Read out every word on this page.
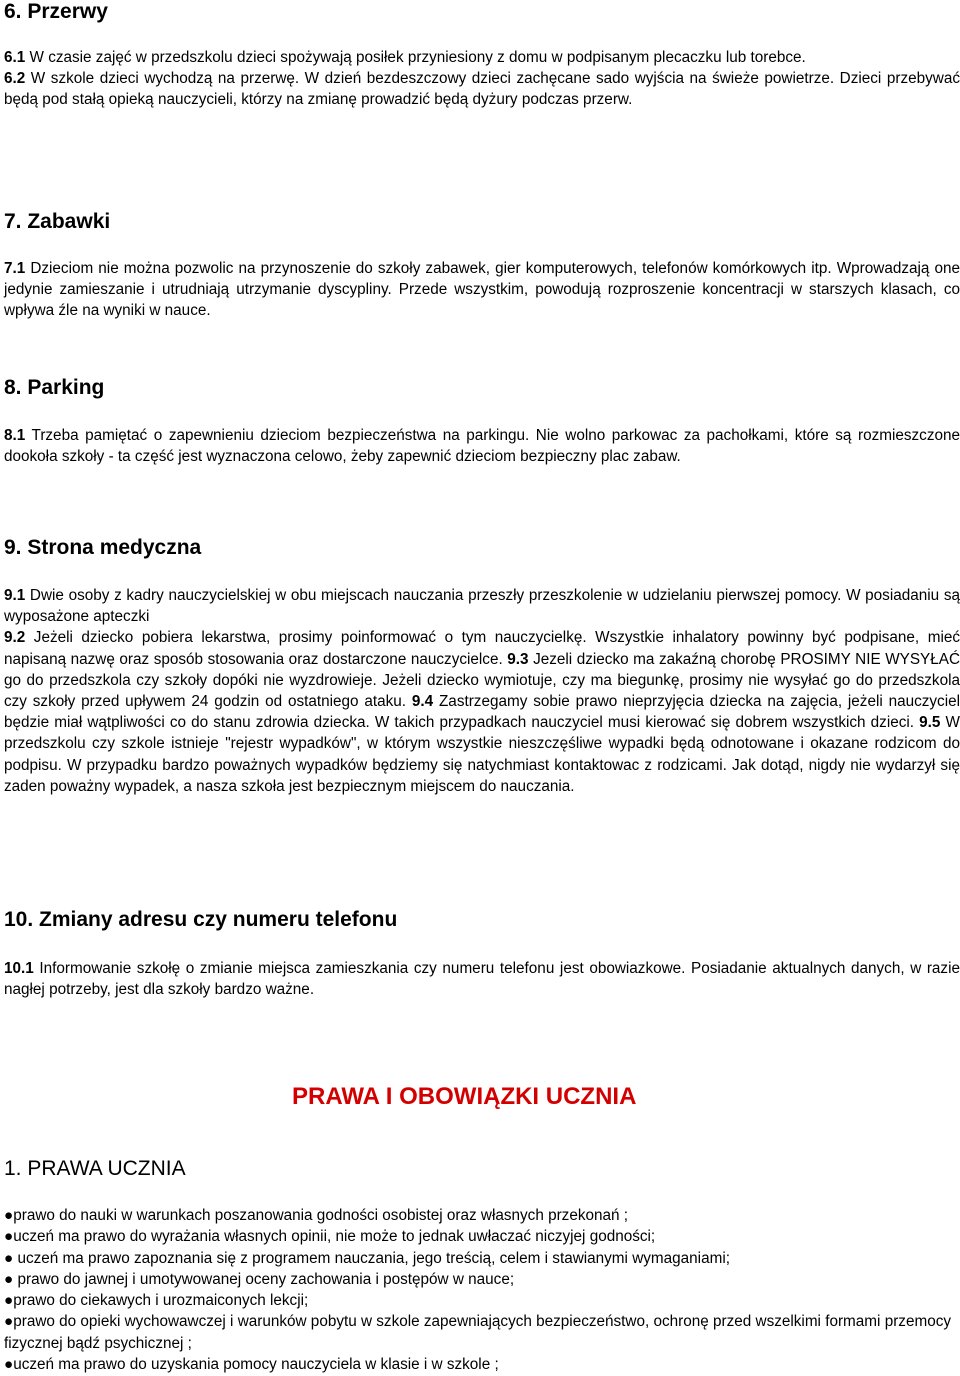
6. Przerwy
6.1 W czasie zajęć w przedszkolu dzieci spożywają posiłek przyniesiony z domu w podpisanym plecaczku lub torebce.
6.2 W szkole dzieci wychodzą na przerwę. W dzień bezdeszczowy dzieci zachęcane sado wyjścia na świeże powietrze. Dzieci przebywać będą pod stałą opieką nauczycieli, którzy na zmianę prowadzić będą dyżury podczas przerw.
7. Zabawki
7.1 Dzieciom nie można pozwolic na przynoszenie do szkoły zabawek, gier komputerowych, telefonów komórkowych itp. Wprowadzają one jedynie zamieszanie i utrudniają utrzymanie dyscypliny. Przede wszystkim, powodują rozproszenie koncentracji w starszych klasach, co wpływa źle na wyniki w nauce.
8. Parking
8.1 Trzeba pamiętać o zapewnieniu dzieciom bezpieczeństwa na parkingu. Nie wolno parkowac za pachołkami, które są rozmieszczone dookoła szkoły - ta część jest wyznaczona celowo, żeby zapewnić dzieciom bezpieczny plac zabaw.
9. Strona medyczna
9.1 Dwie osoby z kadry nauczycielskiej w obu miejscach nauczania przeszły przeszkolenie w udzielaniu pierwszej pomocy. W posiadaniu są wyposażone apteczki
9.2 Jeżeli dziecko pobiera lekarstwa, prosimy poinformować o tym nauczycielkę. Wszystkie inhalatory powinny być podpisane, mieć napisaną nazwę oraz sposób stosowania oraz dostarczone nauczycielce. 9.3 Jezeli dziecko ma zakaźną chorobę PROSIMY NIE WYSYŁAĆ go do przedszkola czy szkoły dopóki nie wyzdrowieje. Jeżeli dziecko wymiotuje, czy ma biegunkę, prosimy nie wysyłać go do przedszkola czy szkoły przed upływem 24 godzin od ostatniego ataku. 9.4 Zastrzegamy sobie prawo nieprzyjęcia dziecka na zajęcia, jeżeli nauczyciel będzie miał wątpliwości co do stanu zdrowia dziecka. W takich przypadkach nauczyciel musi kierować się dobrem wszystkich dzieci. 9.5 W przedszkolu czy szkole istnieje "rejestr wypadków", w którym wszystkie nieszczęśliwe wypadki będą odnotowane i okazane rodzicom do podpisu. W przypadku bardzo poważnych wypadków będziemy się natychmiast kontaktowac z rodzicami. Jak dotąd, nigdy nie wydarzył się zaden poważny wypadek, a nasza szkoła jest bezpiecznym miejscem do nauczania.
10. Zmiany adresu czy numeru telefonu
10.1 Informowanie szkołę o zmianie miejsca zamieszkania czy numeru telefonu jest obowiazkowe. Posiadanie aktualnych danych, w razie nagłej potrzeby, jest dla szkoły bardzo ważne.
PRAWA I OBOWIĄZKI UCZNIA
1. PRAWA UCZNIA
●prawo do nauki w warunkach poszanowania godności osobistej oraz własnych przekonań ;
●uczeń ma prawo do wyrażania własnych opinii, nie może to jednak uwłaczać niczyjej godności;
● uczeń ma prawo zapoznania się z programem nauczania, jego treścią, celem i stawianymi wymaganiami;
● prawo do jawnej i umotywowanej oceny zachowania i postępów w nauce;
●prawo do ciekawych i urozmaiconych lekcji;
●prawo do opieki wychowawczej i warunków pobytu w szkole zapewniających bezpieczeństwo, ochronę przed wszelkimi formami przemocy fizycznej bądź psychicznej ;
●uczeń ma prawo do uzyskania pomocy nauczyciela w klasie i w szkole ;
